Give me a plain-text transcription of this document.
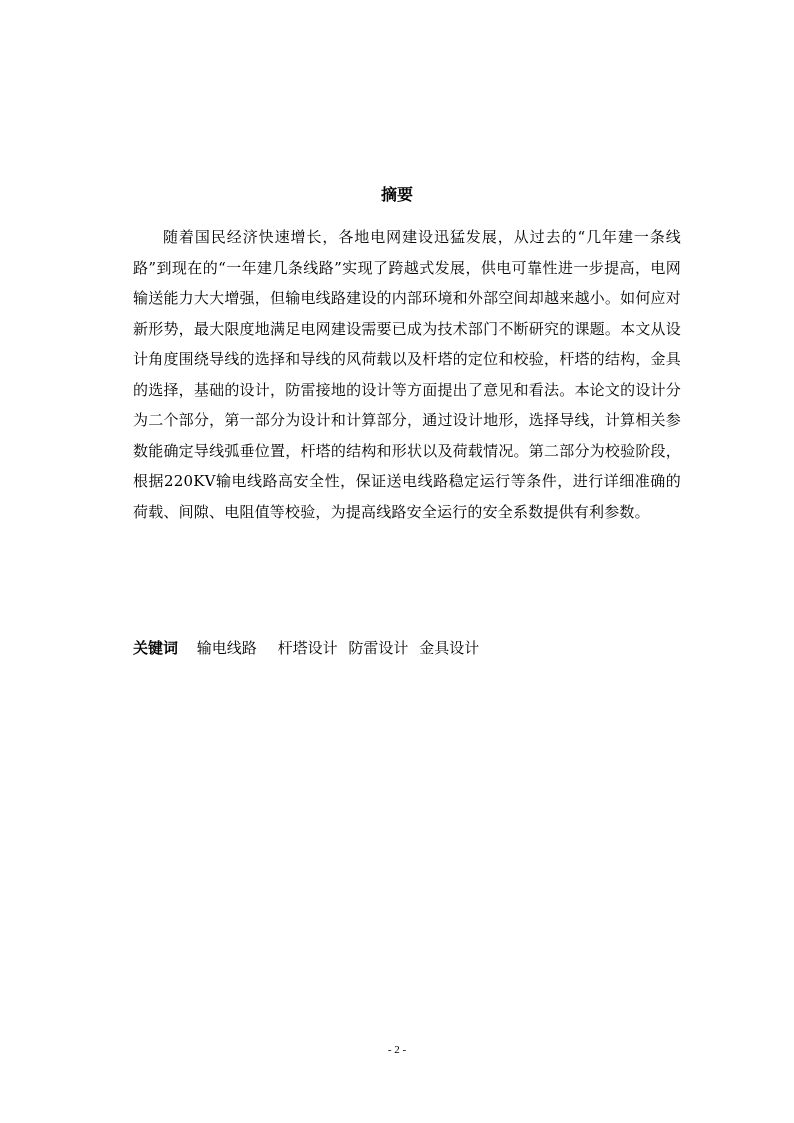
摘要

随着国民经济快速增长，各地电网建设迅猛发展，从过去的“几年建一条线路”到现在的“一年建几条线路”实现了跨越式发展，供电可靠性进一步提高，电网输送能力大大增强，但输电线路建设的内部环境和外部空间却越来越小。如何应对新形势，最大限度地满足电网建设需要已成为技术部门不断研究的课题。本文从设计角度围绕导线的选择和导线的风荷载以及杆塔的定位和校验，杆塔的结构，金具的选择，基础的设计，防雷接地的设计等方面提出了意见和看法。本论文的设计分为二个部分，第一部分为设计和计算部分，通过设计地形，选择导线，计算相关参数能确定导线弧垂位置，杆塔的结构和形状以及荷载情况。第二部分为校验阶段，根据220KV输电线路高安全性，保证送电线路稳定运行等条件，进行详细准确的荷载、间隙、电阻值等校验，为提高线路安全运行的安全系数提供有利参数。

关键词 输电线路 杆塔设计 防雷设计 金具设计
- 2 -
